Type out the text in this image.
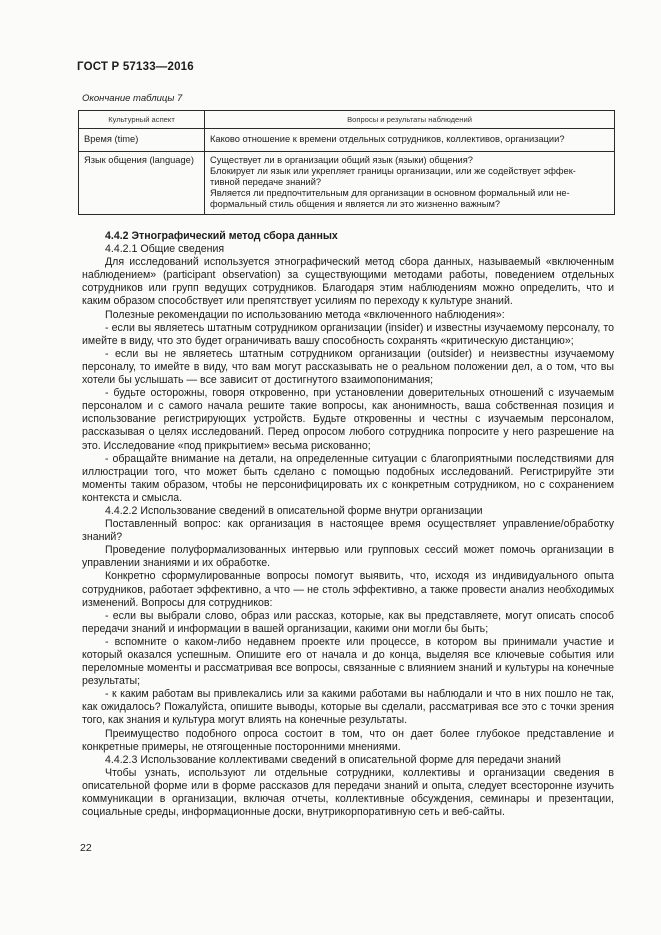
ГОСТ Р 57133—2016
Окончание таблицы 7
Культурный аспект	Вопросы и результаты наблюдений
Время (time)	Каково отношение к времени отдельных сотрудников, коллективов, организации?

Язык общения (language)	Существует ли в организации общий язык (языки) общения?
Блокирует ли язык или укрепляет границы организации, или же содействует эффек-
тивной передаче знаний?
Является ли предпочтительным для организации в основном формальный или не-
формальный стиль общения и является ли это жизненно важным?

4.4.2 Этнографический метод сбора данных

4.4.2.1 Общие сведения

Для исследований используется этнографический метод сбора данных, называемый «включенным наблюдением» (participant observation) за существующими методами работы, поведением отдельных сотрудников или групп ведущих сотрудников. Благодаря этим наблюдениям можно определить, что и каким образом способствует или препятствует усилиям по переходу к культуре знаний.

Полезные рекомендации по использованию метода «включенного наблюдения»:

- если вы являетесь штатным сотрудником организации (insider) и известны изучаемому персоналу, то имейте в виду, что это будет ограничивать вашу способность сохранять «критическую дистанцию»;

- если вы не являетесь штатным сотрудником организации (outsider) и неизвестны изучаемому персоналу, то имейте в виду, что вам могут рассказывать не о реальном положении дел, а о том, что вы хотели бы услышать — все зависит от достигнутого взаимопонимания;

- будьте осторожны, говоря откровенно, при установлении доверительных отношений с изучаемым персоналом и с самого начала решите такие вопросы, как анонимность, ваша собственная позиция и использование регистрирующих устройств. Будьте откровенны и честны с изучаемым персоналом, рассказывая о целях исследований. Перед опросом любого сотрудника попросите у него разрешение на это. Исследование «под прикрытием» весьма рискованно;

- обращайте внимание на детали, на определенные ситуации с благоприятными последствиями для иллюстрации того, что может быть сделано с помощью подобных исследований. Регистрируйте эти моменты таким образом, чтобы не персонифицировать их с конкретным сотрудником, но с сохранением контекста и смысла.

4.4.2.2 Использование сведений в описательной форме внутри организации

Поставленный вопрос: как организация в настоящее время осуществляет управление/обработку знаний?

Проведение полуформализованных интервью или групповых сессий может помочь организации в управлении знаниями и их обработке.

Конкретно сформулированные вопросы помогут выявить, что, исходя из индивидуального опыта сотрудников, работает эффективно, а что — не столь эффективно, а также провести анализ необходимых изменений. Вопросы для сотрудников:

- если вы выбрали слово, образ или рассказ, которые, как вы представляете, могут описать способ передачи знаний и информации в вашей организации, какими они могли бы быть;

- вспомните о каком-либо недавнем проекте или процессе, в котором вы принимали участие и который оказался успешным. Опишите его от начала и до конца, выделяя все ключевые события или переломные моменты и рассматривая все вопросы, связанные с влиянием знаний и культуры на конечные результаты;

- к каким работам вы привлекались или за какими работами вы наблюдали и что в них пошло не так, как ожидалось? Пожалуйста, опишите выводы, которые вы сделали, рассматривая все это с точки зрения того, как знания и культура могут влиять на конечные результаты.

Преимущество подобного опроса состоит в том, что он дает более глубокое представление и конкретные примеры, не отягощенные посторонними мнениями.

4.4.2.3 Использование коллективами сведений в описательной форме для передачи знаний

Чтобы узнать, используют ли отдельные сотрудники, коллективы и организации сведения в описательной форме или в форме рассказов для передачи знаний и опыта, следует всесторонне изучить коммуникации в организации, включая отчеты, коллективные обсуждения, семинары и презентации, социальные среды, информационные доски, внутрикорпоративную сеть и веб-сайты.

22
